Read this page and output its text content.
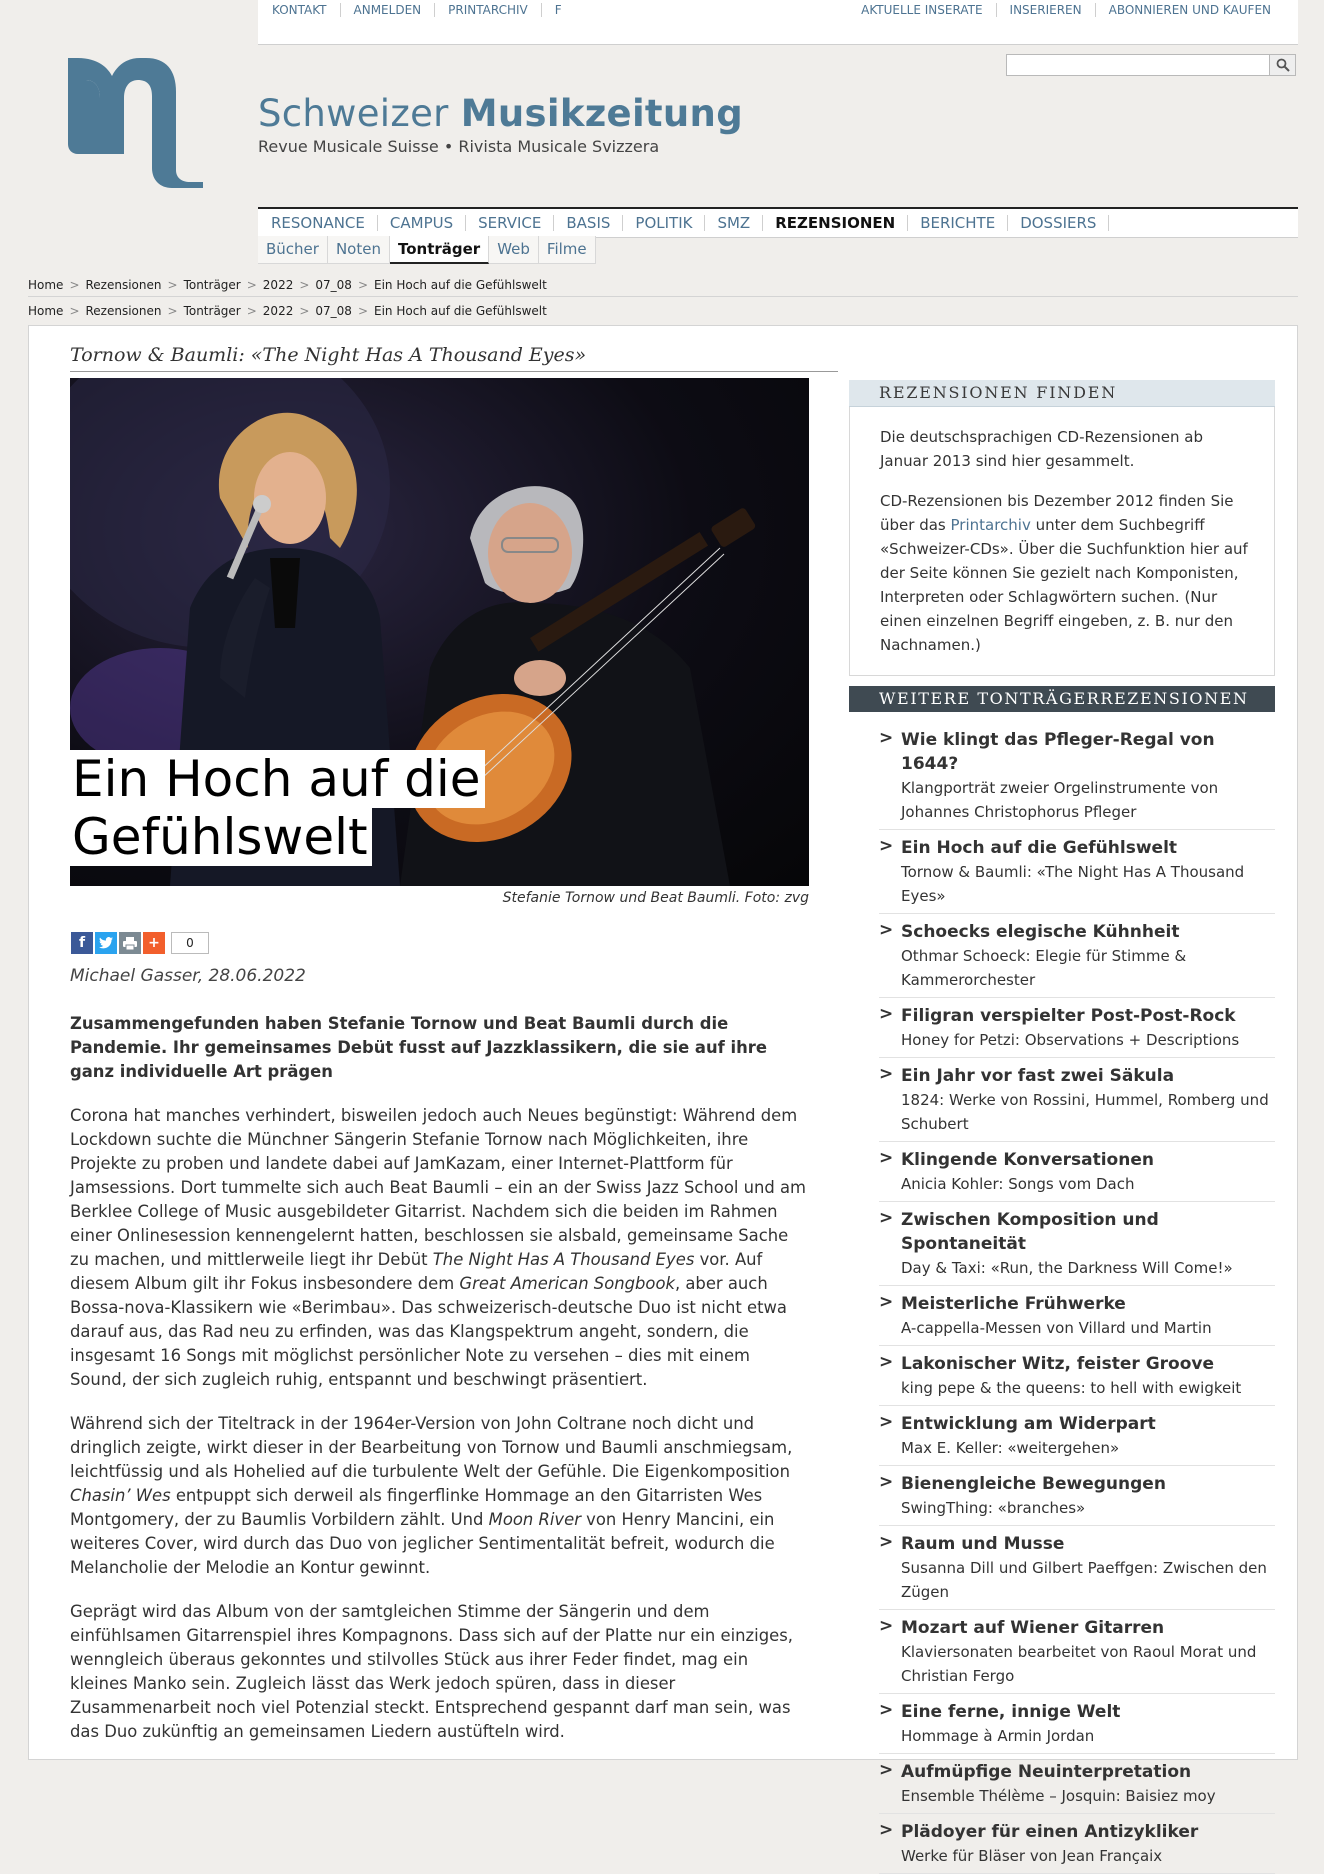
KONTAKT	ANMELDEN	PRINTARCHIV	F	AKTUELLE INSERATE	INSERIEREN	ABONNIEREN UND KAUFEN
Schweizer Musikzeitung
Revue Musicale Suisse • Rivista Musicale Svizzera
RESONANCE	CAMPUS	SERVICE	BASIS	POLITIK	SMZ	REZENSIONEN	BERICHTE	DOSSIERS
Bücher	Noten	Tonträger	Web	Filme
Home > Rezensionen > Tonträger > 2022 > 07_08 > Ein Hoch auf die Gefühlswelt
Home > Rezensionen > Tonträger > 2022 > 07_08 > Ein Hoch auf die Gefühlswelt
Tornow & Baumli: «The Night Has A Thousand Eyes»
Ein Hoch auf die
Gefühlswelt
Stefanie Tornow und Beat Baumli. Foto: zvg
f	+	0
Michael Gasser, 28.06.2022
Zusammengefunden haben Stefanie Tornow und Beat Baumli durch die Pandemie. Ihr gemeinsames Debüt fusst auf Jazzklassikern, die sie auf ihre ganz individuelle Art prägen

Corona hat manches verhindert, bisweilen jedoch auch Neues begünstigt: Während dem Lockdown suchte die Münchner Sängerin Stefanie Tornow nach Möglichkeiten, ihre Projekte zu proben und landete dabei auf JamKazam, einer Internet-Plattform für Jamsessions. Dort tummelte sich auch Beat Baumli – ein an der Swiss Jazz School und am Berklee College of Music ausgebildeter Gitarrist. Nachdem sich die beiden im Rahmen einer Onlinesession kennengelernt hatten, beschlossen sie alsbald, gemeinsame Sache zu machen, und mittlerweile liegt ihr Debüt The Night Has A Thousand Eyes vor. Auf diesem Album gilt ihr Fokus insbesondere dem Great American Songbook, aber auch Bossa-nova-Klassikern wie «Berimbau». Das schweizerisch-deutsche Duo ist nicht etwa darauf aus, das Rad neu zu erfinden, was das Klangspektrum angeht, sondern, die insgesamt 16 Songs mit möglichst persönlicher Note zu versehen – dies mit einem Sound, der sich zugleich ruhig, entspannt und beschwingt präsentiert.

Während sich der Titeltrack in der 1964er-Version von John Coltrane noch dicht und dringlich zeigte, wirkt dieser in der Bearbeitung von Tornow und Baumli anschmiegsam, leichtfüssig und als Hohelied auf die turbulente Welt der Gefühle. Die Eigenkomposition Chasin’ Wes entpuppt sich derweil als fingerflinke Hommage an den Gitarristen Wes Montgomery, der zu Baumlis Vorbildern zählt. Und Moon River von Henry Mancini, ein weiteres Cover, wird durch das Duo von jeglicher Sentimentalität befreit, wodurch die Melancholie der Melodie an Kontur gewinnt.

Geprägt wird das Album von der samtgleichen Stimme der Sängerin und dem einfühlsamen Gitarrenspiel ihres Kompagnons. Dass sich auf der Platte nur ein einziges, wenngleich überaus gekonntes und stilvolles Stück aus ihrer Feder findet, mag ein kleines Manko sein. Zugleich lässt das Werk jedoch spüren, dass in dieser Zusammenarbeit noch viel Potenzial steckt. Entsprechend gespannt darf man sein, was das Duo zukünftig an gemeinsamen Liedern austüfteln wird.

REZENSIONEN FINDEN

Die deutschsprachigen CD-Rezensionen ab Januar 2013 sind hier gesammelt.

CD-Rezensionen bis Dezember 2012 finden Sie über das Printarchiv unter dem Suchbegriff «Schweizer-CDs». Über die Suchfunktion hier auf der Seite können Sie gezielt nach Komponisten, Interpreten oder Schlagwörtern suchen. (Nur einen einzelnen Begriff eingeben, z. B. nur den Nachnamen.)

WEITERE TONTRÄGERREZENSIONEN
> Wie klingt das Pfleger-Regal von 1644?
Klangporträt zweier Orgelinstrumente von Johannes Christophorus Pfleger
> Ein Hoch auf die Gefühlswelt
Tornow & Baumli: «The Night Has A Thousand Eyes»
> Schoecks elegische Kühnheit
Othmar Schoeck: Elegie für Stimme & Kammerorchester
> Filigran verspielter Post-Post-Rock
Honey for Petzi: Observations + Descriptions
> Ein Jahr vor fast zwei Säkula
1824: Werke von Rossini, Hummel, Romberg und Schubert
> Klingende Konversationen
Anicia Kohler: Songs vom Dach
> Zwischen Komposition und Spontaneität
Day & Taxi: «Run, the Darkness Will Come!»
> Meisterliche Frühwerke
A-cappella-Messen von Villard und Martin
> Lakonischer Witz, feister Groove
king pepe & the queens: to hell with ewigkeit
> Entwicklung am Widerpart
Max E. Keller: «weitergehen»
> Bienengleiche Bewegungen
SwingThing: «branches»
> Raum und Musse
Susanna Dill und Gilbert Paeffgen: Zwischen den Zügen
> Mozart auf Wiener Gitarren
Klaviersonaten bearbeitet von Raoul Morat und Christian Fergo
> Eine ferne, innige Welt
Hommage à Armin Jordan
> Aufmüpfige Neuinterpretation
Ensemble Thélème – Josquin: Baisiez moy
> Plädoyer für einen Antizykliker
Werke für Bläser von Jean Françaix
